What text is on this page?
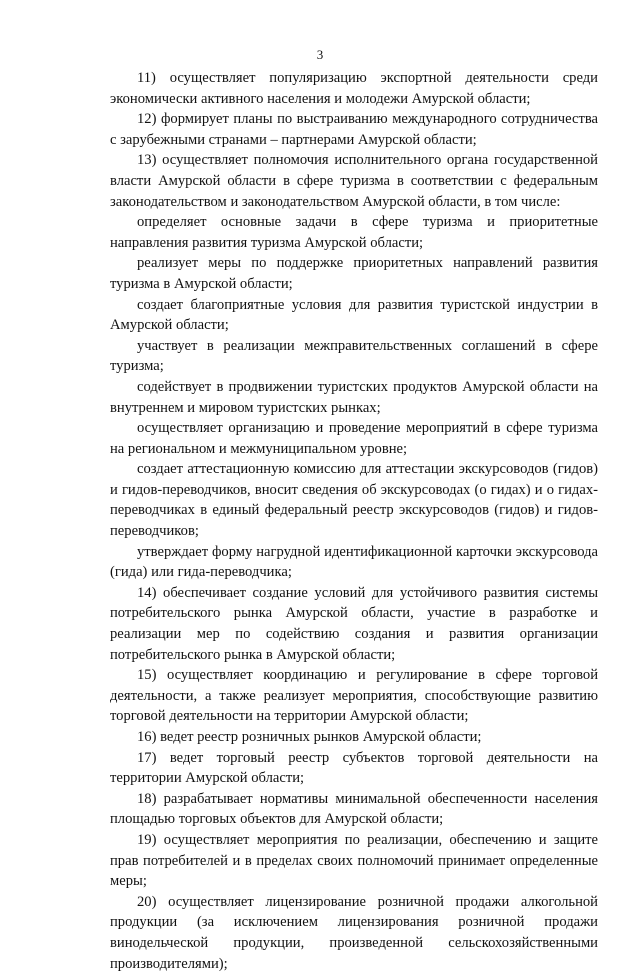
3

11) осуществляет популяризацию экспортной деятельности среди экономически активного населения и молодежи Амурской области;

12) формирует планы по выстраиванию международного сотрудничества с зарубежными странами – партнерами Амурской области;

13) осуществляет полномочия исполнительного органа государственной власти Амурской области в сфере туризма в соответствии с федеральным законодательством и законодательством Амурской области, в том числе:

определяет основные задачи в сфере туризма и приоритетные направления развития туризма Амурской области;

реализует меры по поддержке приоритетных направлений развития туризма в Амурской области;

создает благоприятные условия для развития туристской индустрии в Амурской области;

участвует в реализации межправительственных соглашений в сфере туризма;

содействует в продвижении туристских продуктов Амурской области на внутреннем и мировом туристских рынках;

осуществляет организацию и проведение мероприятий в сфере туризма на региональном и межмуниципальном уровне;

создает аттестационную комиссию для аттестации экскурсоводов (гидов) и гидов-переводчиков, вносит сведения об экскурсоводах (о гидах) и о гидах-переводчиках в единый федеральный реестр экскурсоводов (гидов) и гидов-переводчиков;

утверждает форму нагрудной идентификационной карточки экскурсовода (гида) или гида-переводчика;

14) обеспечивает создание условий для устойчивого развития системы потребительского рынка Амурской области, участие в разработке и реализации мер по содействию создания и развития организации потребительского рынка в Амурской области;

15) осуществляет координацию и регулирование в сфере торговой деятельности, а также реализует мероприятия, способствующие развитию торговой деятельности на территории Амурской области;

16) ведет реестр розничных рынков Амурской области;

17) ведет торговый реестр субъектов торговой деятельности на территории Амурской области;

18) разрабатывает нормативы минимальной обеспеченности населения площадью торговых объектов для Амурской области;

19) осуществляет мероприятия по реализации, обеспечению и защите прав потребителей и в пределах своих полномочий принимает определенные меры;

20) осуществляет лицензирование розничной продажи алкогольной продукции (за исключением лицензирования розничной продажи винодельческой продукции, произведенной сельскохозяйственными производителями);
